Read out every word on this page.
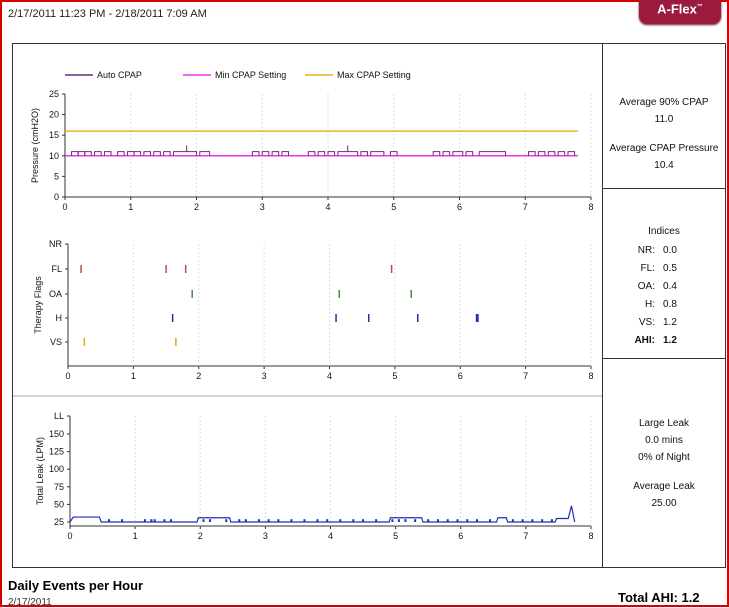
2/17/2011 11:23 PM - 2/18/2011 7:09 AM	A-Flex™
0	1	2	3	4	5	6	7	8
0
5
10
15
20
25
Pressure (cmH2O)
Auto CPAP	Min CPAP Setting	Max CPAP Setting
0	1	2	3	4	5	6	7	8
NR
FL
OA
H
VS
Therapy Flags
0	1	2	3	4	5	6	7	8
25
50
75
100
125
150
LL
Total Leak (LPM)
Average 90% CPAP
11.0
Average CPAP Pressure
10.4
Indices
NR: 0.0
FL: 0.5
OA: 0.4
H: 0.8
VS: 1.2
AHI: 1.2
Large Leak
0.0 mins
0% of Night
Average Leak
25.00
Daily Events per Hour
2/17/2011	Total AHI: 1.2
